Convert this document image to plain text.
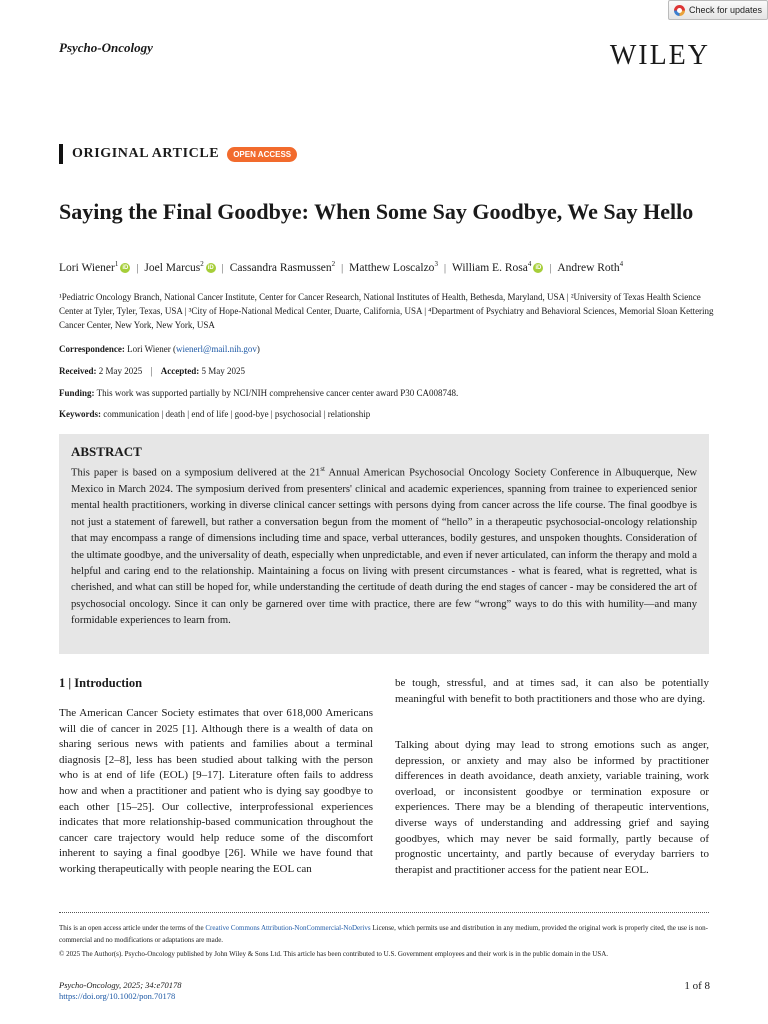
Check for updates
Psycho-Oncology	WILEY
ORIGINAL ARTICLE	OPEN ACCESS
Saying the Final Goodbye: When Some Say Goodbye, We Say Hello
Lori Wiener$^1$iD | Joel Marcus$^2$iD | Cassandra Rasmussen$^2$ | Matthew Loscalzo$^3$ | William E. Rosa$^4$iD | Andrew Roth$^4$
¹Pediatric Oncology Branch, National Cancer Institute, Center for Cancer Research, National Institutes of Health, Bethesda, Maryland, USA | ²University of Texas Health Science Center at Tyler, Tyler, Texas, USA | ³City of Hope-National Medical Center, Duarte, California, USA | ⁴Department of Psychiatry and Behavioral Sciences, Memorial Sloan Kettering Cancer Center, New York, New York, USA
Correspondence: Lori Wiener (wienerl@mail.nih.gov)
Received: 2 May 2025 | Accepted: 5 May 2025
Funding: This work was supported partially by NCI/NIH comprehensive cancer center award P30 CA008748.
Keywords: communication | death | end of life | good-bye | psychosocial | relationship
ABSTRACT
This paper is based on a symposium delivered at the 21st Annual American Psychosocial Oncology Society Conference in Albuquerque, New Mexico in March 2024. The symposium derived from presenters' clinical and academic experiences, spanning from trainee to experienced senior mental health practitioners, working in diverse clinical cancer settings with persons dying from cancer across the life course. The final goodbye is not just a statement of farewell, but rather a conversation begun from the moment of “hello” in a therapeutic psychosocial-oncology relationship that may encompass a range of dimensions including time and space, verbal utterances, bodily gestures, and unspoken thoughts. Consideration of the ultimate goodbye, and the universality of death, especially when unpredictable, and even if never articulated, can inform the therapy and mold a helpful and caring end to the relationship. Maintaining a focus on living with present circumstances - what is feared, what is regretted, what is cherished, and what can still be hoped for, while understanding the certitude of death during the end stages of cancer - may be considered the art of psychosocial oncology. Since it can only be garnered over time with practice, there are few “wrong” ways to do this with humility—and many formidable experiences to learn from.
1 | Introduction
The American Cancer Society estimates that over 618,000 Americans will die of cancer in 2025 [1]. Although there is a wealth of data on sharing serious news with patients and families about a terminal diagnosis [2–8], less has been studied about talking with the person who is at end of life (EOL) [9–17]. Literature often fails to address how and when a practitioner and patient who is dying say goodbye to each other [15–25]. Our collective, interprofessional experiences indicates that more relationship-based communication throughout the cancer care trajectory would help reduce some of the discomfort inherent to saying a final goodbye [26]. While we have found that working therapeutically with people nearing the EOL can
be tough, stressful, and at times sad, it can also be potentially meaningful with benefit to both practitioners and those who are dying.
Talking about dying may lead to strong emotions such as anger, depression, or anxiety and may also be informed by practitioner differences in death avoidance, death anxiety, variable training, work overload, or inconsistent goodbye or termination exposure or experiences. There may be a blending of therapeutic interventions, diverse ways of understanding and addressing grief and saying goodbyes, which may never be said formally, partly because of prognostic uncertainty, and partly because of everyday barriers to therapist and practitioner access for the patient near EOL.
This is an open access article under the terms of the Creative Commons Attribution-NonCommercial-NoDerivs License, which permits use and distribution in any medium, provided the original work is properly cited, the use is non-commercial and no modifications or adaptations are made.
© 2025 The Author(s). Psycho-Oncology published by John Wiley & Sons Ltd. This article has been contributed to U.S. Government employees and their work is in the public domain in the USA.
Psycho-Oncology, 2025; 34:e70178
https://doi.org/10.1002/pon.70178
1 of 8
